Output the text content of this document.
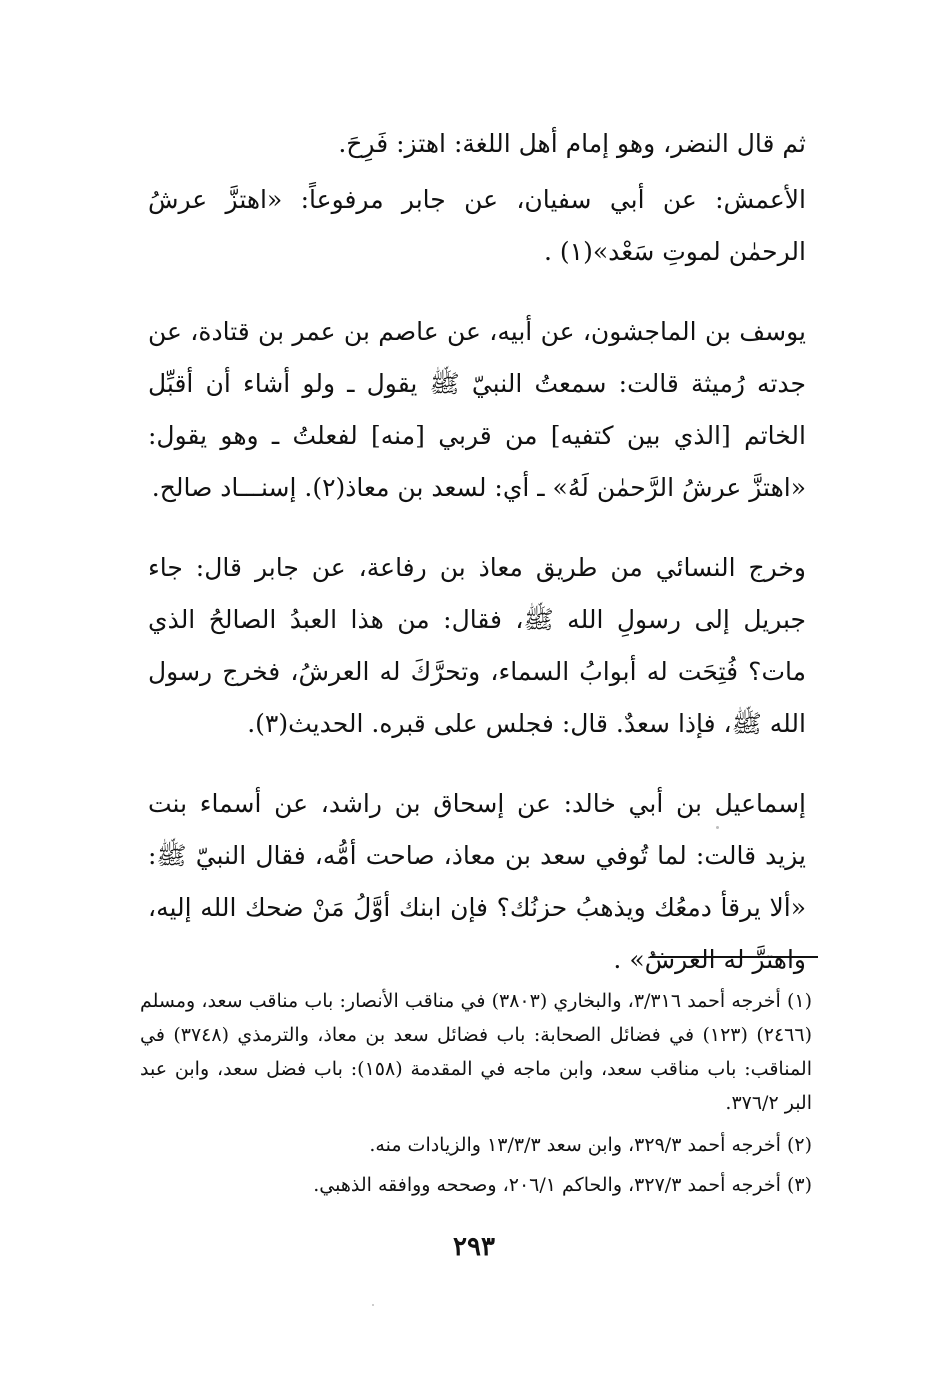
ثم قال النضر، وهو إمام أهل اللغة: اهتز: فَرِحَ.

الأعمش: عن أبي سفيان، عن جابر مرفوعاً: «اهتزَّ عرشُ الرحمٰن لموتِ سَعْد»(١) .

يوسف بن الماجشون، عن أبيه، عن عاصم بن عمر بن قتادة، عن جدته رُميثة قالت: سمعتُ النبيّ ﷺ يقول ـ ولو أشاء أن أقبِّل الخاتم [الذي بين كتفيه] من قربي [منه] لفعلتُ ـ وهو يقول: «اهتزَّ عرشُ الرَّحمٰن لَهُ» ـ أي: لسعد بن معاذ(٢). إسنـــاد صالح.

وخرج النسائي من طريق معاذ بن رفاعة، عن جابر قال: جاء جبريل إلى رسولِ الله ﷺ، فقال: من هذا العبدُ الصالحُ الذي مات؟ فُتِحَت له أبوابُ السماء، وتحرَّكَ له العرشُ، فخرج رسول الله ﷺ، فإذا سعدٌ. قال: فجلس على قبره. الحديث(٣).

إسماعيل بن أبي خالد: عن إسحاق بن راشد، عن أسماء بنت يزيد قالت: لما تُوفي سعد بن معاذ، صاحت أمُّه، فقال النبيّ ﷺ: «ألا يرقأ دمعُك ويذهبُ حزنُك؟ فإن ابنك أوَّلُ مَنْ ضحك الله إليه، واهتزَّ له العرشُ» .

(١) أخرجه أحمد ٣/٣١٦، والبخاري (٣٨٠٣) في مناقب الأنصار: باب مناقب سعد، ومسلم (٢٤٦٦) (١٢٣) في فضائل الصحابة: باب فضائل سعد بن معاذ، والترمذي (٣٧٤٨) في المناقب: باب مناقب سعد، وابن ماجه في المقدمة (١٥٨): باب فضل سعد، وابن عبد البر ٣٧٦/٢.

(٢) أخرجه أحمد ٣٢٩/٣، وابن سعد ١٣/٣/٣ والزيادات منه.

(٣) أخرجه أحمد ٣٢٧/٣، والحاكم ٢٠٦/١، وصححه ووافقه الذهبي.

٢٩٣
